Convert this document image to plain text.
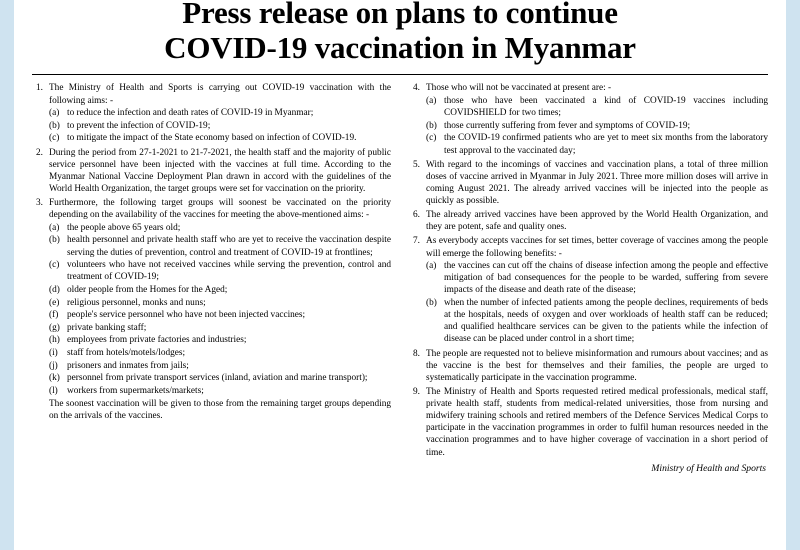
Press release on plans to continue
COVID-19 vaccination in Myanmar
1. The Ministry of Health and Sports is carrying out COVID-19 vaccination with the following aims: -

(a) to reduce the infection and death rates of COVID-19 in Myanmar;
(b) to prevent the infection of COVID-19;
(c) to mitigate the impact of the State economy based on infection of COVID-19.
2. During the period from 27-1-2021 to 21-7-2021, the health staff and the majority of public service personnel have been injected with the vaccines at full time. According to the Myanmar National Vaccine Deployment Plan drawn in accord with the guidelines of the World Health Organization, the target groups were set for vaccination on the priority.

3. Furthermore, the following target groups will soonest be vaccinated on the priority depending on the availability of the vaccines for meeting the above-mentioned aims: -

(a) the people above 65 years old;
(b) health personnel and private health staff who are yet to receive the vaccination despite serving the duties of prevention, control and treatment of COVID-19 at frontlines;
(c) volunteers who have not received vaccines while serving the prevention, control and treatment of COVID-19;
(d) older people from the Homes for the Aged;
(e) religious personnel, monks and nuns;
(f) people's service personnel who have not been injected vaccines;
(g) private banking staff;
(h) employees from private factories and industries;
(i) staff from hotels/motels/lodges;
(j) prisoners and inmates from jails;
(k) personnel from private transport services (inland, aviation and marine transport);
(l) workers from supermarkets/markets;

The soonest vaccination will be given to those from the remaining target groups depending on the arrivals of the vaccines.

4. Those who will not be vaccinated at present are: -

(a) those who have been vaccinated a kind of COVID-19 vaccines including COVIDSHIELD for two times;
(b) those currently suffering from fever and symptoms of COVID-19;
(c) the COVID-19 confirmed patients who are yet to meet six months from the laboratory test approval to the vaccinated day;
5. With regard to the incomings of vaccines and vaccination plans, a total of three million doses of vaccine arrived in Myanmar in July 2021. Three more million doses will arrive in coming August 2021. The already arrived vaccines will be injected into the people as quickly as possible.

6. The already arrived vaccines have been approved by the World Health Organization, and they are potent, safe and quality ones.

7. As everybody accepts vaccines for set times, better coverage of vaccines among the people will emerge the following benefits: -

(a) the vaccines can cut off the chains of disease infection among the people and effective mitigation of bad consequences for the people to be warded, suffering from severe impacts of the disease and death rate of the disease;
(b) when the number of infected patients among the people declines, requirements of beds at the hospitals, needs of oxygen and over workloads of health staff can be reduced; and qualified healthcare services can be given to the patients while the infection of disease can be placed under control in a short time;
8. The people are requested not to believe misinformation and rumours about vaccines; and as the vaccine is the best for themselves and their families, the people are urged to systematically participate in the vaccination programme.

9. The Ministry of Health and Sports requested retired medical professionals, medical staff, private health staff, students from medical-related universities, those from nursing and midwifery training schools and retired members of the Defence Services Medical Corps to participate in the vaccination programmes in order to fulfil human resources needed in the vaccination programmes and to have higher coverage of vaccination in a short period of time.

Ministry of Health and Sports
